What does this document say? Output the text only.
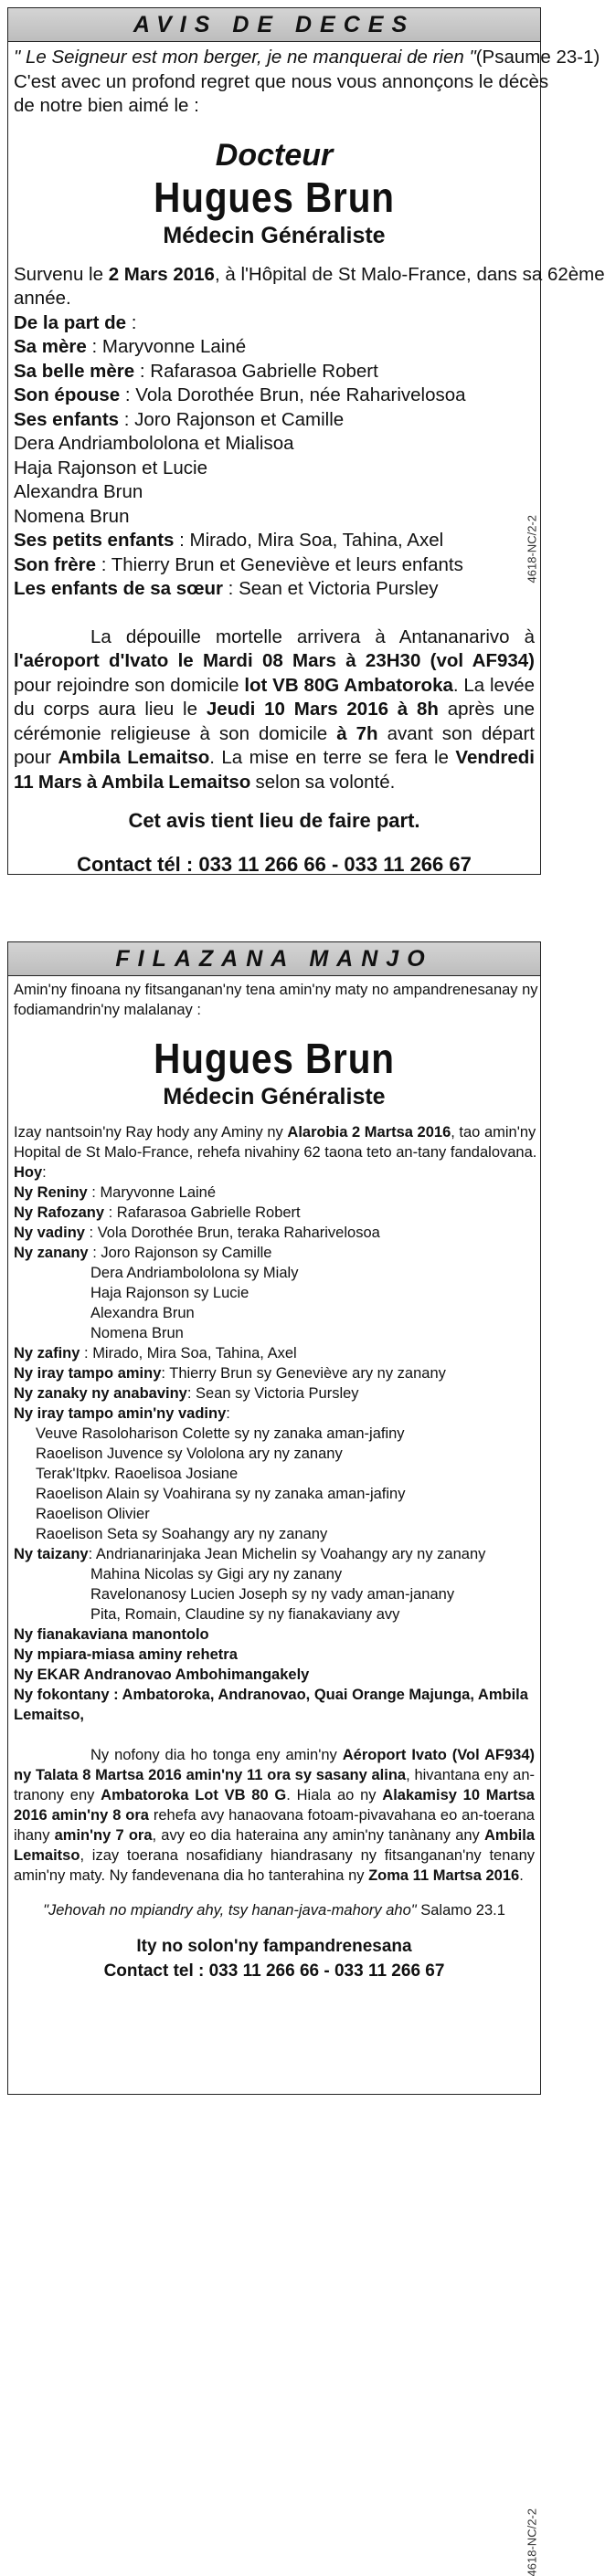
AVIS DE DECES
" Le Seigneur est mon berger, je ne manquerai de rien "(Psaume 23-1)
C'est avec un profond regret que nous vous annonçons le décès
de notre bien aimé le :
Docteur
Hugues Brun
Médecin Généraliste
Survenu le 2 Mars 2016, à l'Hôpital de St Malo-France, dans sa 62ème
année.
De la part de :
Sa mère : Maryvonne Lainé
Sa belle mère : Rafarasoa Gabrielle Robert
Son épouse : Vola Dorothée Brun, née Raharivelosoa
Ses enfants : Joro Rajonson et Camille
Dera Andriambololona et Mialisoa
Haja Rajonson et Lucie
Alexandra Brun
Nomena Brun
Ses petits enfants : Mirado, Mira Soa, Tahina, Axel
Son frère : Thierry Brun et Geneviève et leurs enfants
Les enfants de sa sœur : Sean et Victoria Pursley
La dépouille mortelle arrivera à Antananarivo à l'aéroport d'Ivato le Mardi 08 Mars à 23H30 (vol AF934) pour rejoindre son domicile lot VB 80G Ambatoroka. La levée du corps aura lieu le Jeudi 10 Mars 2016 à 8h après une cérémonie religieuse à son domicile à 7h avant son départ pour Ambila Lemaitso. La mise en terre se fera le Vendredi 11 Mars à Ambila Lemaitso selon sa volonté.
Cet avis tient lieu de faire part.
Contact tél : 033 11 266 66 - 033 11 266 67
4618-NC/2-2
FILAZANA MANJO
Amin'ny finoana ny fitsanganan'ny tena amin'ny maty no ampandrenesanay ny
fodiamandrin'ny malalanay :
Hugues Brun
Médecin Généraliste
Izay nantsoin'ny Ray hody any Aminy ny Alarobia 2 Martsa 2016, tao amin'ny
Hopital de St Malo-France, rehefa nivahiny 62 taona teto an-tany fandalovana.
Hoy:
Ny Reniny : Maryvonne Lainé
Ny Rafozany : Rafarasoa Gabrielle Robert
Ny vadiny : Vola Dorothée Brun, teraka Raharivelosoa
Ny zanany : Joro Rajonson sy Camille
Dera Andriambololona sy Mialy
Haja Rajonson sy Lucie
Alexandra Brun
Nomena Brun
Ny zafiny : Mirado, Mira Soa, Tahina, Axel
Ny iray tampo aminy: Thierry Brun sy Geneviève ary ny zanany
Ny zanaky ny anabaviny: Sean sy Victoria Pursley
Ny iray tampo amin'ny vadiny:
Veuve Rasoloharison Colette sy ny zanaka aman-jafiny
Raoelison Juvence sy Vololona ary ny zanany
Terak'Itpkv. Raoelisoa Josiane
Raoelison Alain sy Voahirana sy ny zanaka aman-jafiny
Raoelison Olivier
Raoelison Seta sy Soahangy ary ny zanany
Ny taizany: Andrianarinjaka Jean Michelin sy Voahangy ary ny zanany
Mahina Nicolas sy Gigi ary ny zanany
Ravelonanosy Lucien Joseph sy ny vady aman-janany
Pita, Romain, Claudine sy ny fianakaviany avy
Ny fianakaviana manontolo
Ny mpiara-miasa aminy rehetra
Ny EKAR Andranovao Ambohimangakely
Ny fokontany : Ambatoroka, Andranovao, Quai Orange Majunga, Ambila
Lemaitso,
Ny nofony dia ho tonga eny amin'ny Aéroport Ivato (Vol AF934) ny Talata 8 Martsa 2016 amin'ny 11 ora sy sasany alina, hivantana eny an-tranony eny Ambatoroka Lot VB 80 G. Hiala ao ny Alakamisy 10 Martsa 2016 amin'ny 8 ora rehefa avy hanaovana fotoam-pivavahana eo an-toerana ihany amin'ny 7 ora, avy eo dia hateraina any amin'ny tanànany any Ambila Lemaitso, izay toerana nosafidiany hiandrasany ny fitsanganan'ny tenany amin'ny maty. Ny fandevenana dia ho tanterahina ny Zoma 11 Martsa 2016.
"Jehovah no mpiandry ahy, tsy hanan-java-mahory aho" Salamo 23.1
Ity no solon'ny fampandrenesana
Contact tel : 033 11 266 66 - 033 11 266 67
4618-NC/2-2
